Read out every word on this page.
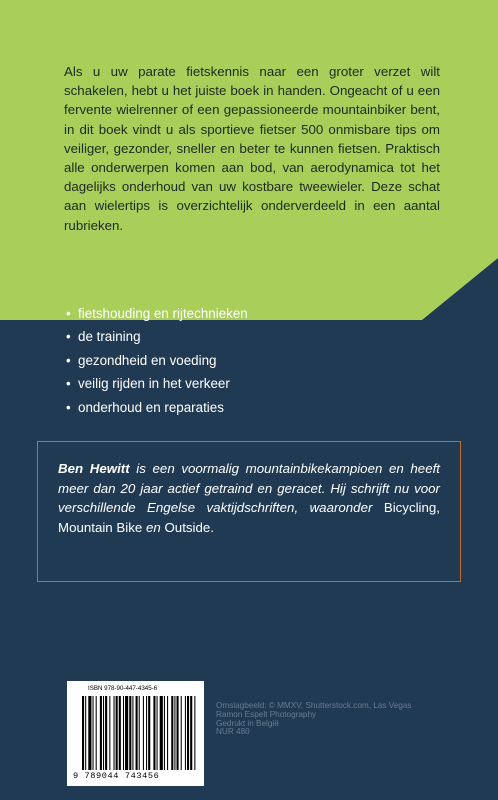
Als u uw parate fietskennis naar een groter verzet wilt schakelen, hebt u het juiste boek in handen. Ongeacht of u een fervente wielrenner of een gepassioneerde mountainbiker bent, in dit boek vindt u als sportieve fietser 500 onmisbare tips om veiliger, gezonder, sneller en beter te kunnen fietsen. Praktisch alle onderwerpen komen aan bod, van aerodynamica tot het dagelijks onderhoud van uw kostbare tweewieler. Deze schat aan wielertips is overzichtelijk onderverdeeld in een aantal rubrieken.
• fietshouding en rijtechnieken
• de training
• gezondheid en voeding
• veilig rijden in het verkeer
• onderhoud en reparaties

Ben Hewitt is een voormalig mountainbikekampioen en heeft meer dan 20 jaar actief getraind en geracet. Hij schrijft nu voor verschillende Engelse vaktijdschriften, waaronder Bicycling, Mountain Bike en Outside.

ISBN 978-90-447-4345-6
9 789044 743456
Omslagbeeld: © MMXV, Shutterstock.com, Las Vegas
Ramon Espelt Photography
Gedrukt in België
NUR 480
